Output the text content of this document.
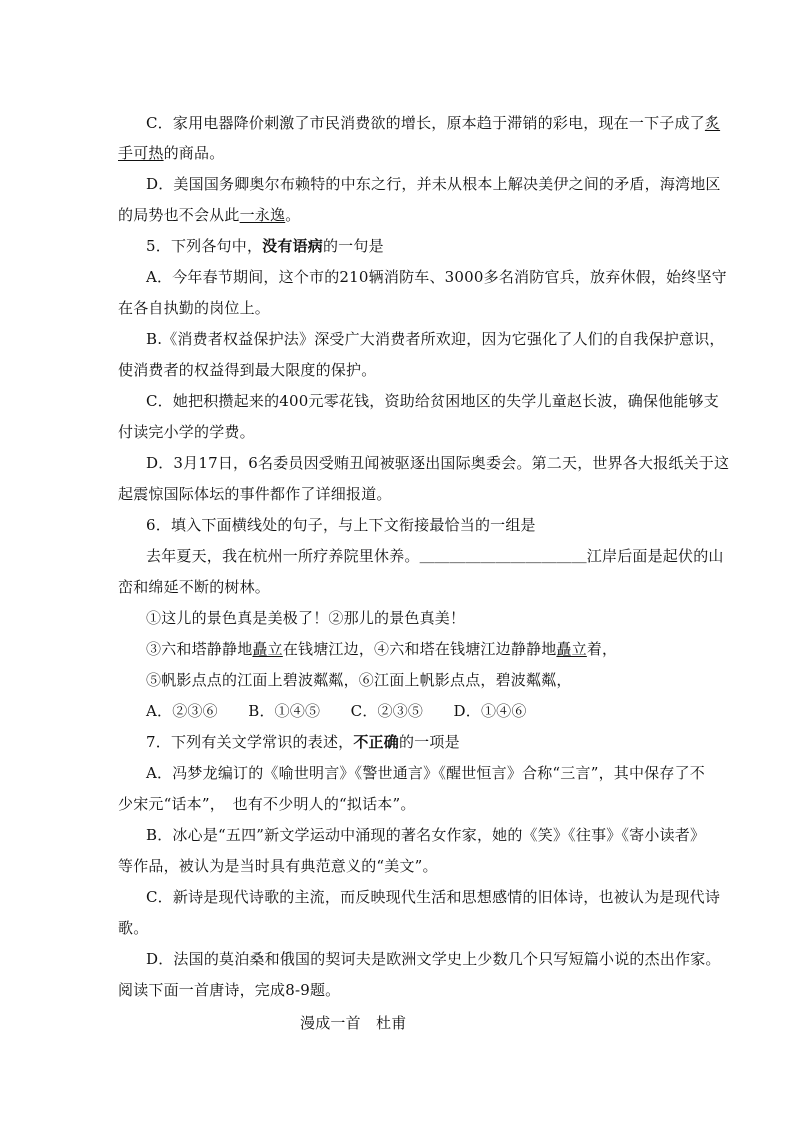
C．家用电器降价刺激了市民消费欲的增长，原本趋于滞销的彩电，现在一下子成了炙
手可热的商品。
D．美国国务卿奥尔布赖特的中东之行，并未从根本上解决美伊之间的矛盾，海湾地区
的局势也不会从此一永逸。
5．下列各句中，没有语病的一句是
A．今年春节期间，这个市的210辆消防车、3000多名消防官兵，放弃休假，始终坚守
在各自执勤的岗位上。
B.《消费者权益保护法》深受广大消费者所欢迎，因为它强化了人们的自我保护意识，
使消费者的权益得到最大限度的保护。
C．她把积攒起来的400元零花钱，资助给贫困地区的失学儿童赵长波，确保他能够支
付读完小学的学费。
D．3月17日，6名委员因受贿丑闻被驱逐出国际奥委会。第二天，世界各大报纸关于这
起震惊国际体坛的事件都作了详细报道。
6．填入下面横线处的句子，与上下文衔接最恰当的一组是
去年夏天，我在杭州一所疗养院里休养。＿＿＿＿＿＿＿＿＿＿＿江岸后面是起伏的山
峦和绵延不断的树林。
①这儿的景色真是美极了！②那儿的景色真美！
③六和塔静静地矗立在钱塘江边，④六和塔在钱塘江边静静地矗立着，
⑤帆影点点的江面上碧波粼粼，⑥江面上帆影点点，碧波粼粼，
A．②③⑥　　B．①④⑤　　C．②③⑤　　D．①④⑥
7．下列有关文学常识的表述，不正确的一项是
A．冯梦龙编订的《喻世明言》《警世通言》《醒世恒言》合称“三言”，其中保存了不
少宋元“话本”，　也有不少明人的“拟话本”。
B．冰心是“五四”新文学运动中涌现的著名女作家，她的《笑》《往事》《寄小读者》
等作品，被认为是当时具有典范意义的“美文”。
C．新诗是现代诗歌的主流，而反映现代生活和思想感情的旧体诗，也被认为是现代诗
歌。
D．法国的莫泊桑和俄国的契诃夫是欧洲文学史上少数几个只写短篇小说的杰出作家。
阅读下面一首唐诗，完成8-9题。
漫成一首　杜甫
